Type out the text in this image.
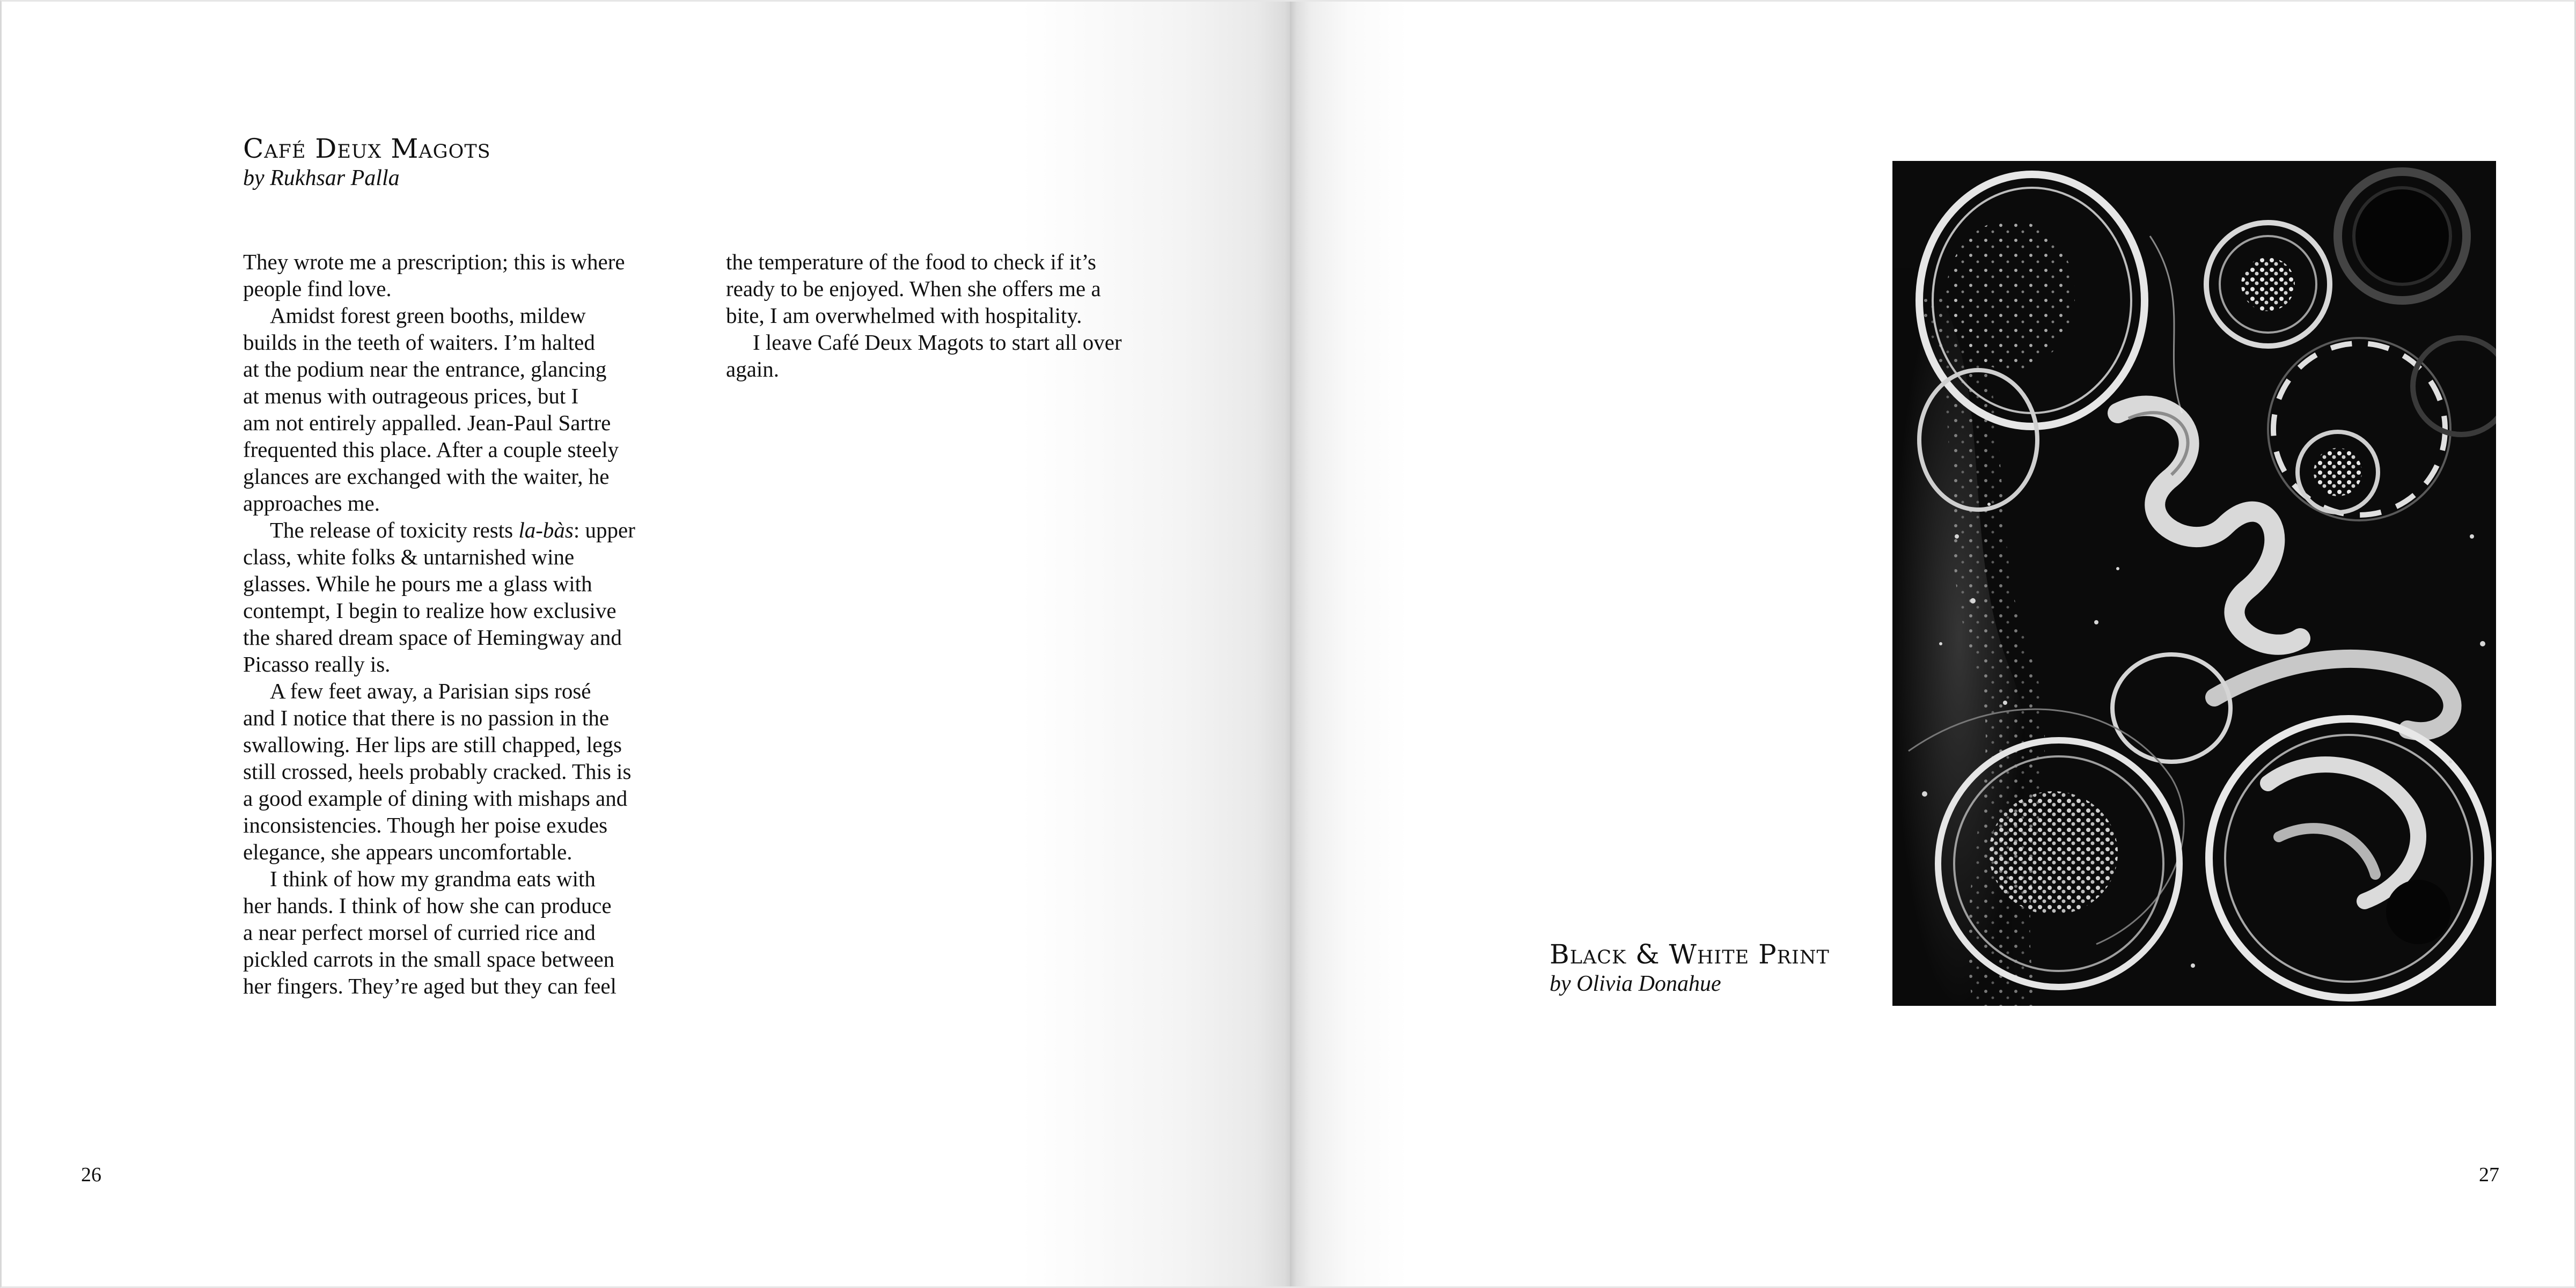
Café Deux Magots
by Rukhsar Palla
They wrote me a prescription; this is where
people find love.
Amidst forest green booths, mildew
builds in the teeth of waiters. I’m halted
at the podium near the entrance, glancing
at menus with outrageous prices, but I
am not entirely appalled. Jean-Paul Sartre
frequented this place. After a couple steely
glances are exchanged with the waiter, he
approaches me.
The release of toxicity rests la-bàs: upper
class, white folks & untarnished wine
glasses. While he pours me a glass with
contempt, I begin to realize how exclusive
the shared dream space of Hemingway and
Picasso really is.
A few feet away, a Parisian sips rosé
and I notice that there is no passion in the
swallowing. Her lips are still chapped, legs
still crossed, heels probably cracked. This is
a good example of dining with mishaps and
inconsistencies. Though her poise exudes
elegance, she appears uncomfortable.
I think of how my grandma eats with
her hands. I think of how she can produce
a near perfect morsel of curried rice and
pickled carrots in the small space between
her fingers. They’re aged but they can feel
the temperature of the food to check if it’s
ready to be enjoyed. When she offers me a
bite, I am overwhelmed with hospitality.
I leave Café Deux Magots to start all over
again.
26	27
Black & White Print
by Olivia Donahue
